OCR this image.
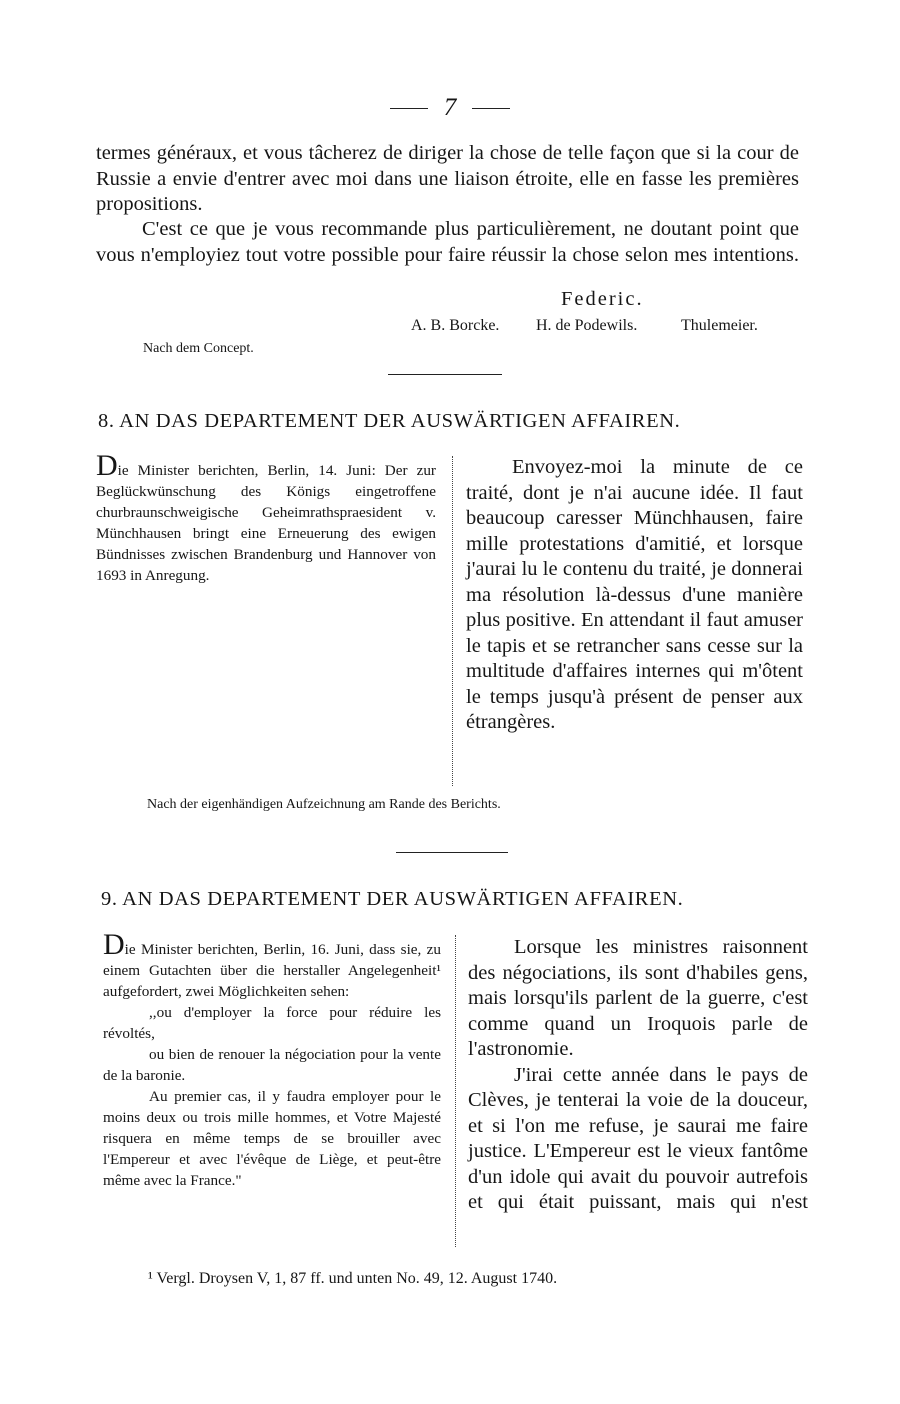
7
termes généraux, et vous tâcherez de diriger la chose de telle façon que si la cour de Russie a envie d'entrer avec moi dans une liaison étroite, elle en fasse les premières propositions.
C'est ce que je vous recommande plus particulièrement, ne doutant point que vous n'employiez tout votre possible pour faire réussir la chose selon mes intentions.
Federic.
A. B. Borcke. H. de Podewils.	Thulemeier.
Nach dem Concept.
8. AN DAS DEPARTEMENT DER AUSWÄRTIGEN AFFAIREN.
Die Minister berichten, Berlin, 14. Juni: Der zur Beglückwünschung des Königs eingetroffene churbraunschweigische Geheimrathspraesident v. Münchhausen bringt eine Erneuerung des ewigen Bündnisses zwischen Brandenburg und Hannover von 1693 in Anregung.
Envoyez-moi la minute de ce traité, dont je n'ai aucune idée. Il faut beaucoup caresser Münchhausen, faire mille protestations d'amitié, et lorsque j'aurai lu le contenu du traité, je donnerai ma résolution là-dessus d'une manière plus positive. En attendant il faut amuser le tapis et se retrancher sans cesse sur la multitude d'affaires internes qui m'ôtent le temps jusqu'à présent de penser aux étrangères.
Nach der eigenhändigen Aufzeichnung am Rande des Berichts.
9. AN DAS DEPARTEMENT DER AUSWÄRTIGEN AFFAIREN.

Die Minister berichten, Berlin, 16. Juni, dass sie, zu einem Gutachten über die herstaller Angelegenheit¹ aufgefordert, zwei Möglichkeiten sehen:

,,ou d'employer la force pour réduire les révoltés,

ou bien de renouer la négociation pour la vente de la baronie.

Au premier cas, il y faudra employer pour le moins deux ou trois mille hommes, et Votre Majesté risquera en même temps de se brouiller avec l'Empereur et avec l'évêque de Liège, et peut-être même avec la France."

Lorsque les ministres raisonnent des négociations, ils sont d'habiles gens, mais lorsqu'ils parlent de la guerre, c'est comme quand un Iroquois parle de l'astronomie.

J'irai cette année dans le pays de Clèves, je tenterai la voie de la douceur, et si l'on me refuse, je saurai me faire justice. L'Empereur est le vieux fantôme d'un idole qui avait du pouvoir autrefois et qui était puissant, mais qui n'est

¹ Vergl. Droysen V, 1, 87 ff. und unten No. 49, 12. August 1740.
